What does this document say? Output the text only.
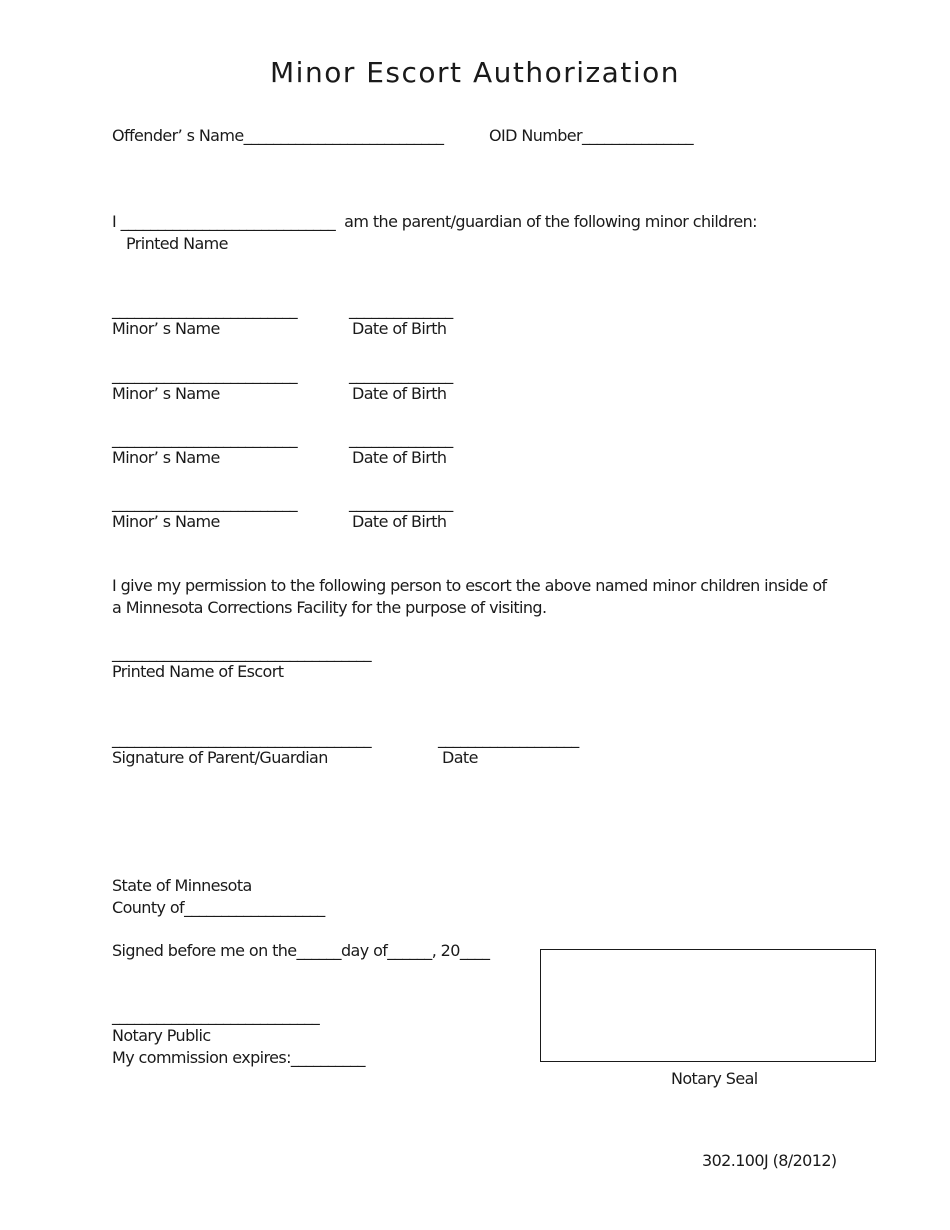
Minor Escort Authorization
Offender’ s Name___________________________	OID Number_______________
I _____________________________  am the parent/guardian of the following minor children:
Printed Name
_________________________	______________
Minor’ s Name	Date of Birth
_________________________	______________
Minor’ s Name	Date of Birth
_________________________	______________
Minor’ s Name	Date of Birth
_________________________	______________
Minor’ s Name	Date of Birth
I give my permission to the following person to escort the above named minor children inside of
a Minnesota Corrections Facility for the purpose of visiting.
___________________________________
Printed Name of Escort
___________________________________	___________________
Signature of Parent/Guardian	Date
State of Minnesota
County of___________________
Signed before me on the______day of______, 20____
____________________________
Notary Public
My commission expires:__________
Notary Seal
302.100J (8/2012)
